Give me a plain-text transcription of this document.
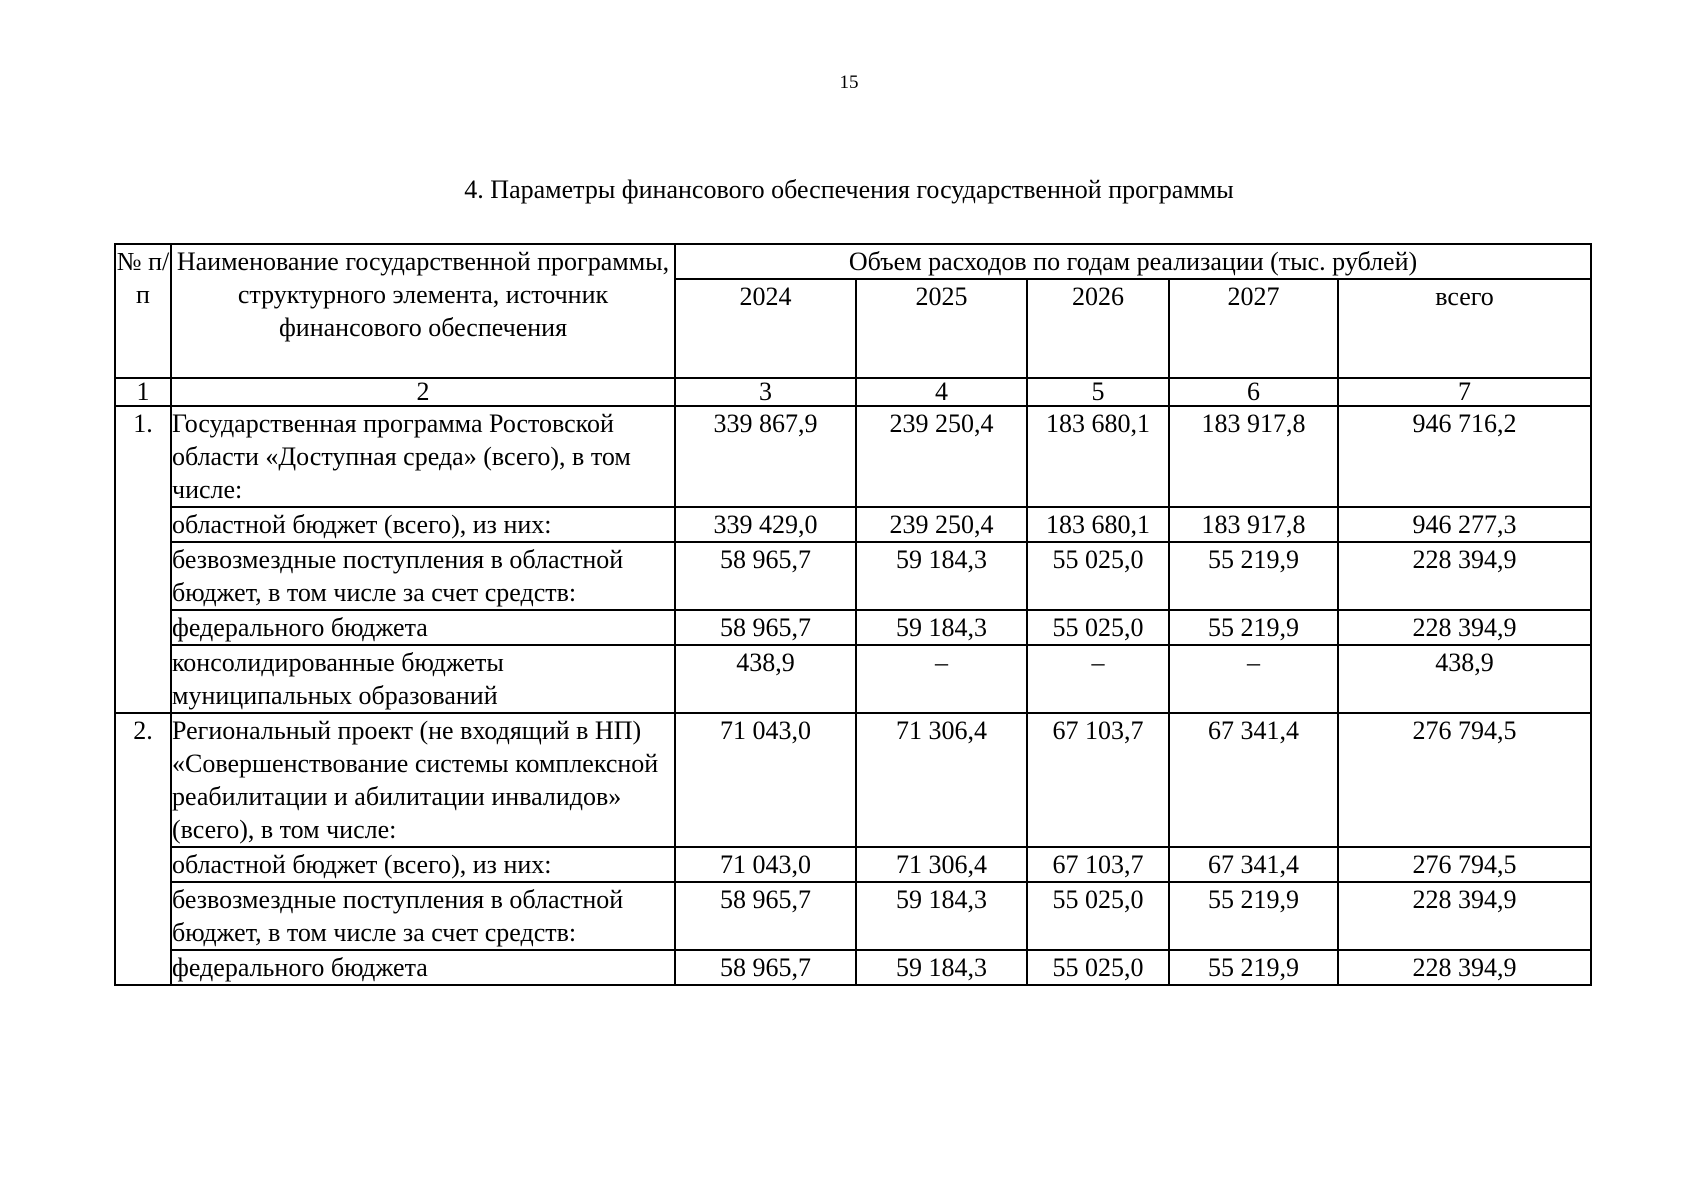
15
4. Параметры финансового обеспечения государственной программы
№ п/п	Наименование государственной программы, структурного элемента, источник финансового обеспечения	Объем расходов по годам реализации (тыс. рублей)				
		2024	2025	2026	2027	всего
1	2	3	4	5	6	7
1.	Государственная программа Ростовской области «Доступная среда» (всего), в том числе:	339 867,9	239 250,4	183 680,1	183 917,8	946 716,2
	областной бюджет (всего), из них:	339 429,0	239 250,4	183 680,1	183 917,8	946 277,3
	безвозмездные поступления в областной бюджет, в том числе за счет средств:	58 965,7	59 184,3	55 025,0	55 219,9	228 394,9
	федерального бюджета	58 965,7	59 184,3	55 025,0	55 219,9	228 394,9
	консолидированные бюджеты муниципальных образований	438,9	–	–	–	438,9
2.	Региональный проект (не входящий в НП) «Совершенствование системы комплексной реабилитации и абилитации инвалидов» (всего), в том числе:	71 043,0	71 306,4	67 103,7	67 341,4	276 794,5
	областной бюджет (всего), из них:	71 043,0	71 306,4	67 103,7	67 341,4	276 794,5
	безвозмездные поступления в областной бюджет, в том числе за счет средств:	58 965,7	59 184,3	55 025,0	55 219,9	228 394,9
	федерального бюджета	58 965,7	59 184,3	55 025,0	55 219,9	228 394,9
